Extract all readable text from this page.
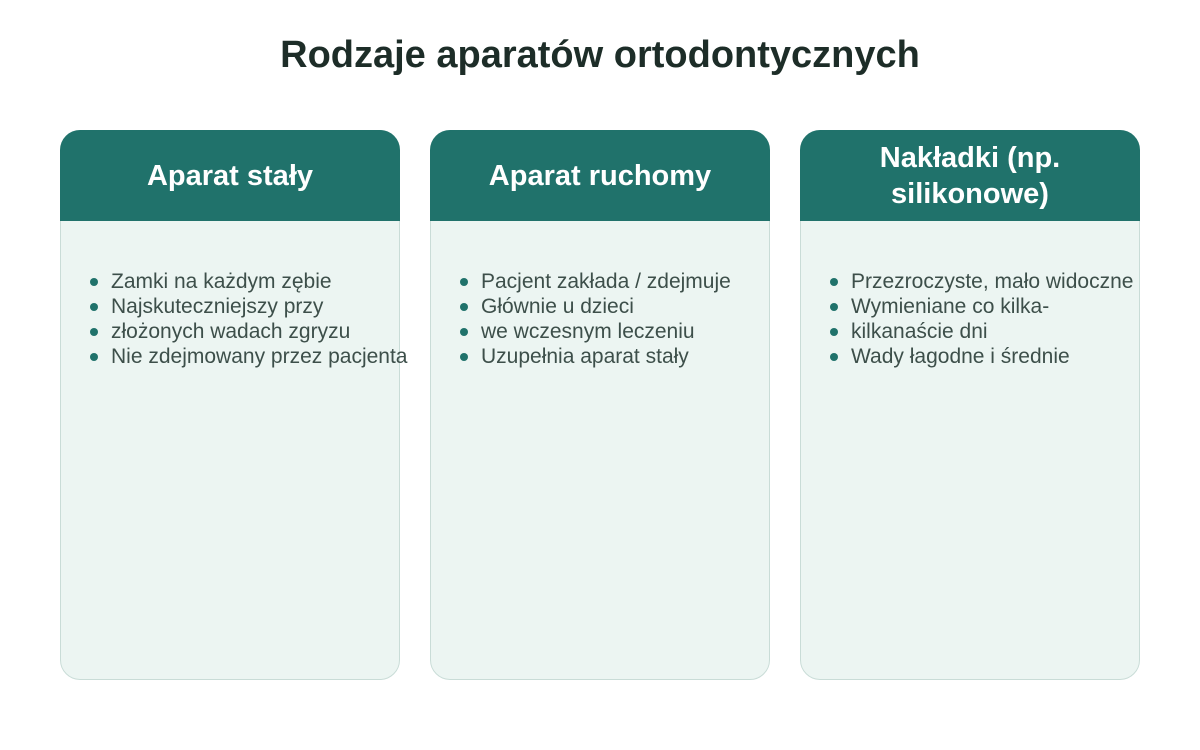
Rodzaje aparatów ortodontycznych
Aparat stały
Zamki na każdym zębie
Najskuteczniejszy przy
złożonych wadach zgryzu
Nie zdejmowany przez pacjenta
Aparat ruchomy
Pacjent zakłada / zdejmuje
Głównie u dzieci
we wczesnym leczeniu
Uzupełnia aparat stały
Nakładki (np. silikonowe)
Przezroczyste, mało widoczne
Wymieniane co kilka-
kilkanaście dni
Wady łagodne i średnie
